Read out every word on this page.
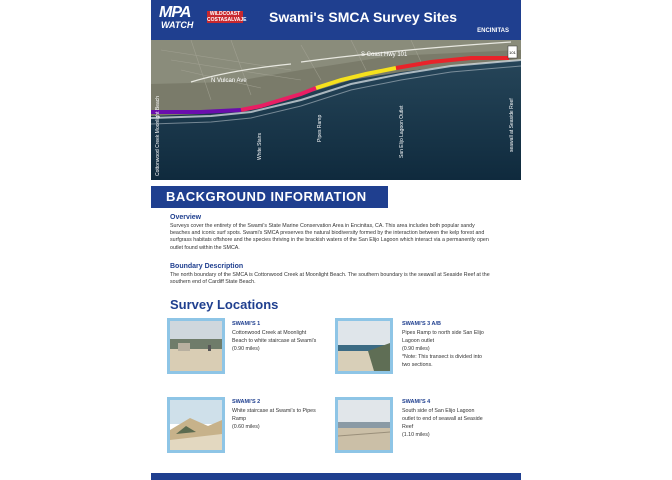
MPA
WATCH
WILDCOAST
COSTASALVAJE Swami's SMCA Survey Sites
ENCINITAS
101
N Vulcan Ave
S Coast Hwy 101
Cottonwood Creek Moonlight Beach	White Stairs
Pipes Ramp	San Elijo Lagoon Outlet	seawall at Seaside Reef
BACKGROUND INFORMATION
Overview
Surveys cover the entirety of the Swami's State Marine Conservation Area in Encinitas, CA. This area includes both popular sandy beaches and iconic surf spots. Swami's SMCA preserves the natural biodiversity formed by the interaction between the kelp forest and surfgrass habitats offshore and the species thriving in the brackish waters of the San Elijo Lagoon which interact via a permanently open outlet found within the SMCA.
Boundary Description
The north boundary of the SMCA is Cottonwood Creek at Moonlight Beach. The southern boundary is the seawall at Seaside Reef at the southern end of Cardiff State Beach.
Survey Locations
SWAMI'S 1
Cottonwood Creek at Moonlight Beach to white staircase at Swami's
(0.90 miles)
SWAMI'S 3 A/B
Pipes Ramp to north side San Elijo Lagoon outlet
(0.90 miles)
*Note: This transect is divided into two sections.
SWAMI'S 2
White staircase at Swami's to Pipes Ramp
(0.60 miles)
SWAMI'S 4
South side of San Elijo Lagoon outlet to end of seawall at Seaside Reef
(1.10 miles)
